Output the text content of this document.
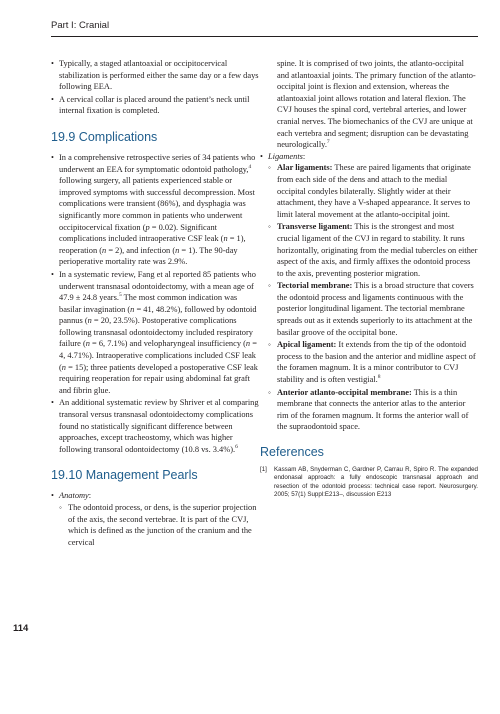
Part I: Cranial
• Typically, a staged atlantoaxial or occipitocervical stabilization is performed either the same day or a few days following EEA.
• A cervical collar is placed around the patient’s neck until internal fixation is completed.
19.9 Complications
• In a comprehensive retrospective series of 34 patients who underwent an EEA for symptomatic odontoid pathology,$^4$ following surgery, all patients experienced stable or improved symptoms with successful decompression. Most complications were transient (86%), and dysphagia was significantly more common in patients who underwent occipitocervical fixation (p = 0.02). Significant complications included intraoperative CSF leak (n = 1), reoperation (n = 2), and infection (n = 1). The 90-day perioperative mortality rate was 2.9%.
• In a systematic review, Fang et al reported 85 patients who underwent transnasal odontoidectomy, with a mean age of 47.9 ± 24.8 years.$^5$ The most common indication was basilar invagination (n = 41, 48.2%), followed by odontoid pannus (n = 20, 23.5%). Postoperative complications following transnasal odontoidectomy included respiratory failure (n = 6, 7.1%) and velopharyngeal insufficiency (n = 4, 4.71%). Intraoperative complications included CSF leak (n = 15); three patients developed a postoperative CSF leak requiring reoperation for repair using abdominal fat graft and fibrin glue.
• An additional systematic review by Shriver et al comparing transoral versus transnasal odontoidectomy complications found no statistically significant difference between approaches, except tracheostomy, which was higher following transoral odontoidectomy (10.8 vs. 3.4%).$^6$
19.10 Management Pearls
• Anatomy:
◦ The odontoid process, or dens, is the superior projection of the axis, the second vertebrae. It is part of the CVJ, which is defined as the junction of the cranium and the cervical

spine. It is comprised of two joints, the atlanto-occipital and atlantoaxial joints. The primary function of the atlanto-occipital joint is flexion and extension, whereas the atlantoaxial joint allows rotation and lateral flexion. The CVJ houses the spinal cord, vertebral arteries, and lower cranial nerves. The biomechanics of the CVJ are unique at each vertebra and segment; disruption can be devastating neurologically.$^7$

• Ligaments:
◦ Alar ligaments: These are paired ligaments that originate from each side of the dens and attach to the medial occipital condyles bilaterally. Slightly wider at their attachment, they have a V-shaped appearance. It serves to limit lateral movement at the atlanto-occipital joint.
◦ Transverse ligament: This is the strongest and most crucial ligament of the CVJ in regard to stability. It runs horizontally, originating from the medial tubercles on either aspect of the axis, and firmly affixes the odontoid process to the axis, preventing posterior migration.
◦ Tectorial membrane: This is a broad structure that covers the odontoid process and ligaments continuous with the posterior longitudinal ligament. The tectorial membrane spreads out as it extends superiorly to its attachment at the basilar groove of the occipital bone.
◦ Apical ligament: It extends from the tip of the odontoid process to the basion and the anterior and midline aspect of the foramen magnum. It is a minor contributor to CVJ stability and is often vestigial.$^8$
◦ Anterior atlanto-occipital membrane: This is a thin membrane that connects the anterior atlas to the anterior rim of the foramen magnum. It forms the anterior wall of the supraodontoid space.
References
[1] Kassam AB, Snyderman C, Gardner P, Carrau R, Spiro R. The expanded endonasal approach: a fully endoscopic transnasal approach and resection of the odontoid process: technical case report. Neurosurgery. 2005; 57(1) Suppl:E213–, discussion E213
114
